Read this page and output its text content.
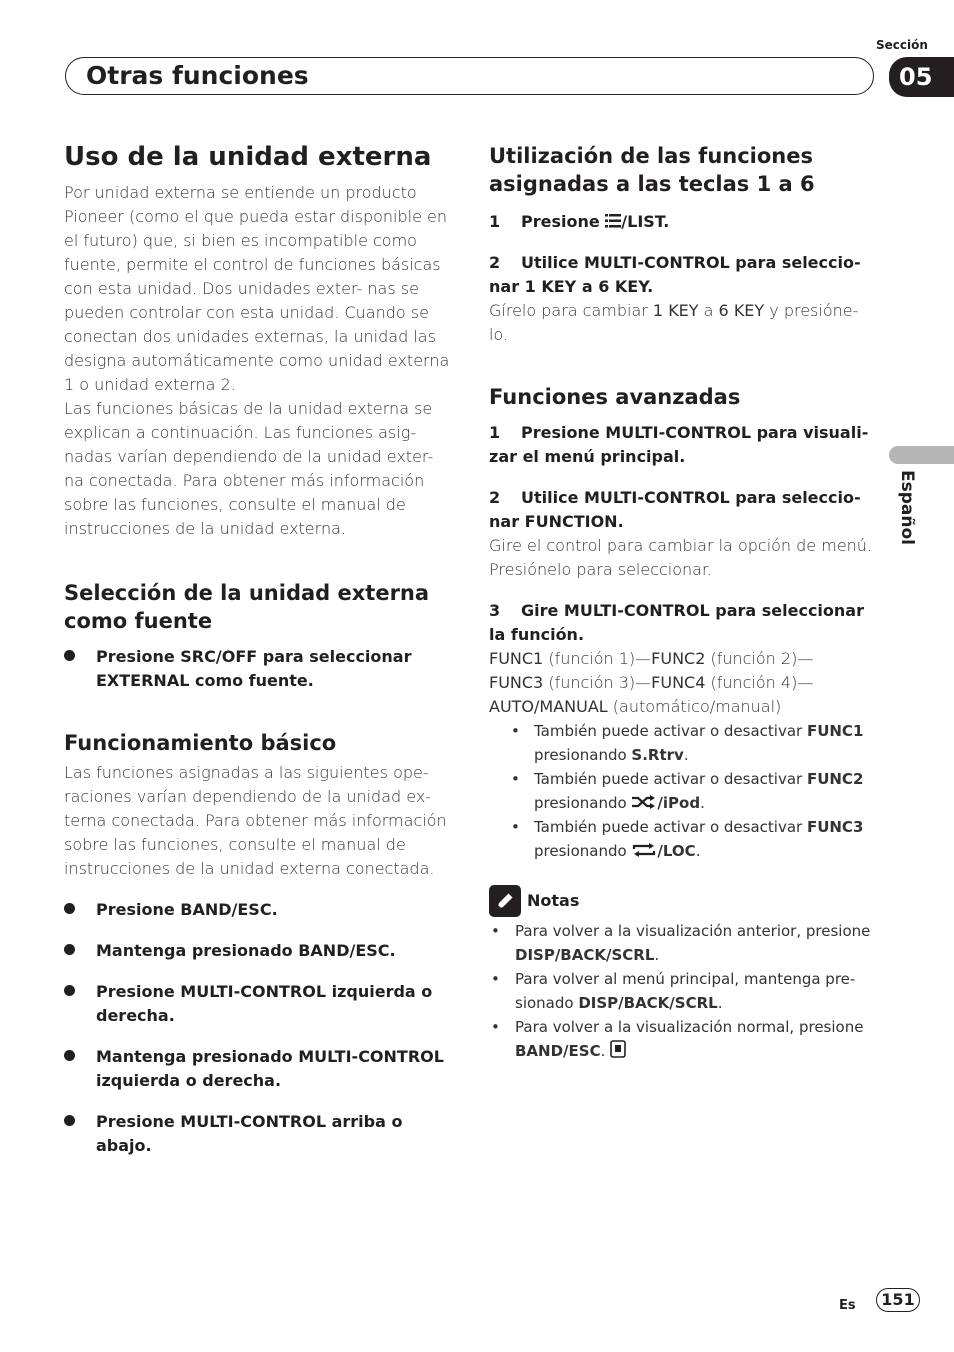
Sección
05
Otras funciones
Español
Uso de la unidad externa

Por unidad externa se entiende un producto Pioneer (como el que pueda estar disponible en el futuro) que, si bien es incompatible como fuente, permite el control de funciones básicas con esta unidad. Dos unidades exter- nas se pueden controlar con esta unidad. Cuando se conectan dos unidades externas, la unidad las designa automáticamente como unidad externa 1 o unidad externa 2.

Las funciones básicas de la unidad externa se explican a continuación. Las funciones asig- nadas varían dependiendo de la unidad exter- na conectada. Para obtener más información sobre las funciones, consulte el manual de instrucciones de la unidad externa.

Selección de la unidad externa como fuente
Presione SRC/OFF para seleccionar EXTERNAL como fuente.
Funcionamiento básico

Las funciones asignadas a las siguientes ope- raciones varían dependiendo de la unidad ex- terna conectada. Para obtener más información sobre las funciones, consulte el manual de instrucciones de la unidad externa conectada.

Presione BAND/ESC.
Mantenga presionado BAND/ESC.
Presione MULTI-CONTROL izquierda o derecha.
Mantenga presionado MULTI-CONTROL izquierda o derecha.
Presione MULTI-CONTROL arriba o abajo.
Utilización de las funciones asignadas a las teclas 1 a 6
1 Presione /LIST.
2 Utilice MULTI-CONTROL para seleccio- nar 1 KEY a 6 KEY.

Gírelo para cambiar 1 KEY a 6 KEY y presióne- lo.

Funciones avanzadas
1 Presione MULTI-CONTROL para visuali- zar el menú principal.
2 Utilice MULTI-CONTROL para seleccio- nar FUNCTION.

Gire el control para cambiar la opción de menú. Presiónelo para seleccionar.

3 Gire MULTI-CONTROL para seleccionar la función.

FUNC1 (función 1)—FUNC2 (función 2)—
FUNC3 (función 3)—FUNC4 (función 4)—
AUTO/MANUAL (automático/manual)

• También puede activar o desactivar FUNC1
presionando S.Rtrv.
• También puede activar o desactivar FUNC2
presionando /iPod.
• También puede activar o desactivar FUNC3
presionando /LOC.
Notas
• Para volver a la visualización anterior, presione DISP/BACK/SCRL.
• Para volver al menú principal, mantenga pre- sionado DISP/BACK/SCRL.
• Para volver a la visualización normal, presione BAND/ESC.
Es	151
